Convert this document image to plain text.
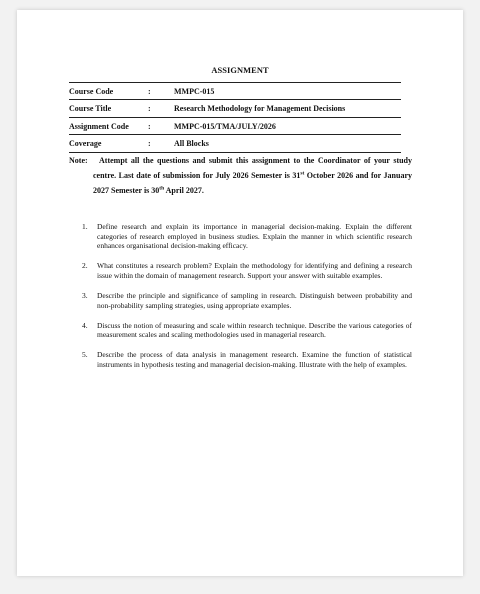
ASSIGNMENT
Course Code	:	MMPC-015
Course Title	:	Research Methodology for Management Decisions
Assignment Code :	MMPC-015/TMA/JULY/2026
Coverage	:	All Blocks
Note:	Attempt all the questions and submit this assignment to the Coordinator of your study centre. Last date of submission for July 2026 Semester is 31st October 2026 and for January 2027 Semester is 30th April 2027.
1. Define research and explain its importance in managerial decision-making. Explain the different categories of research employed in business studies. Explain the manner in which scientific research enhances organisational decision-making efficacy.
2. What constitutes a research problem? Explain the methodology for identifying and defining a research issue within the domain of management research. Support your answer with suitable examples.
3. Describe the principle and significance of sampling in research. Distinguish between probability and non-probability sampling strategies, using appropriate examples.
4. Discuss the notion of measuring and scale within research technique. Describe the various categories of measurement scales and scaling methodologies used in managerial research.
5. Describe the process of data analysis in management research. Examine the function of statistical instruments in hypothesis testing and managerial decision-making. Illustrate with the help of examples.
